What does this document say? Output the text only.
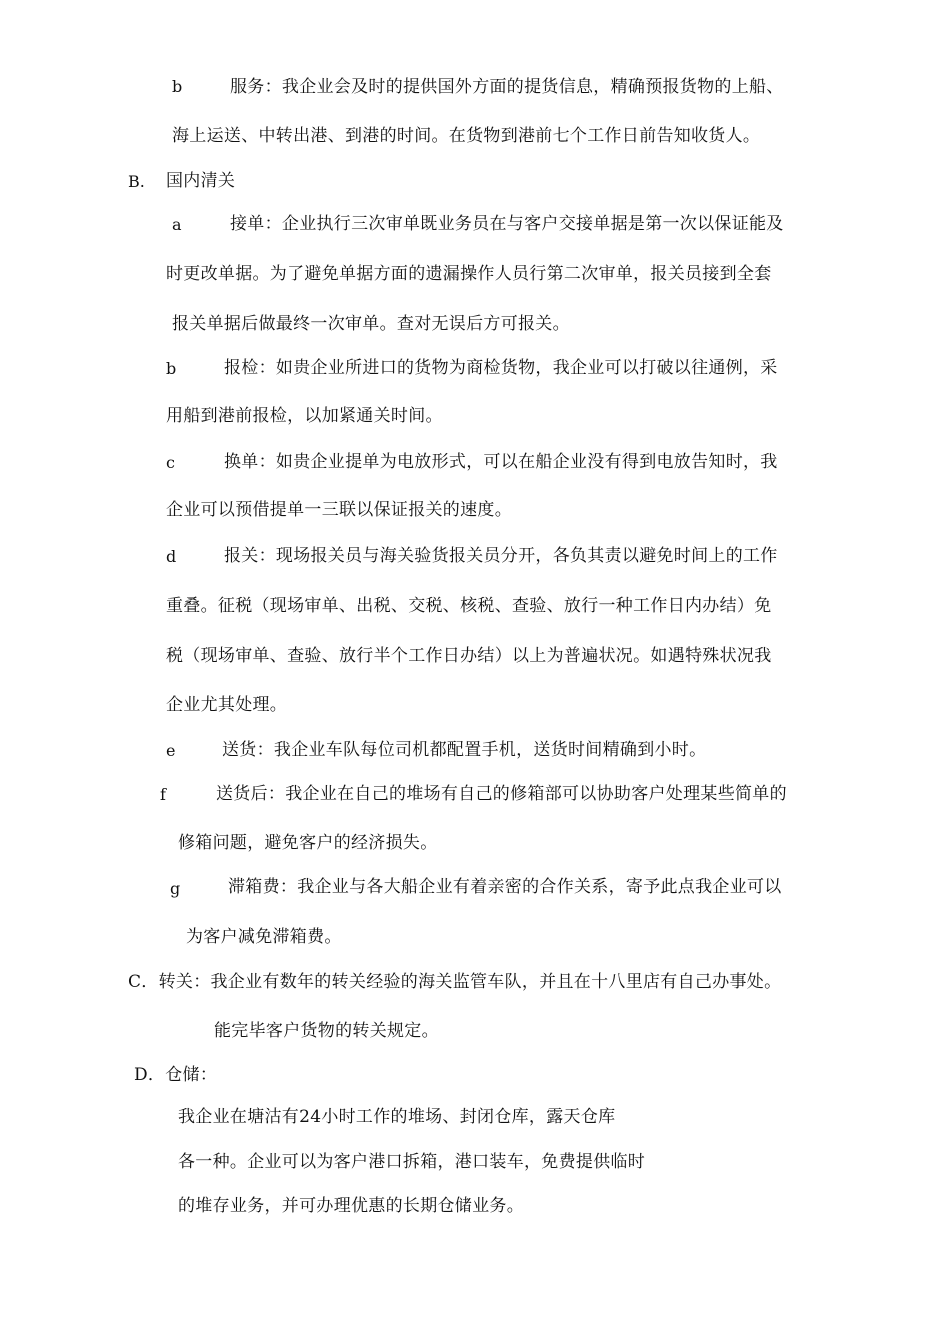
b	服务：我企业会及时的提供国外方面的提货信息，精确预报货物的上船、
海上运送、中转出港、到港的时间。在货物到港前七个工作日前告知收货人。
B. 国内清关
a	接单：企业执行三次审单既业务员在与客户交接单据是第一次以保证能及
时更改单据。为了避免单据方面的遗漏操作人员行第二次审单，报关员接到全套
报关单据后做最终一次审单。查对无误后方可报关。
b	报检：如贵企业所进口的货物为商检货物，我企业可以打破以往通例，采
用船到港前报检，以加紧通关时间。
c	换单：如贵企业提单为电放形式，可以在船企业没有得到电放告知时，我
企业可以预借提单一三联以保证报关的速度。
d	报关：现场报关员与海关验货报关员分开，各负其责以避免时间上的工作
重叠。征税（现场审单、出税、交税、核税、查验、放行一种工作日内办结）免
税（现场审单、查验、放行半个工作日办结）以上为普遍状况。如遇特殊状况我
企业尤其处理。
e	送货：我企业车队每位司机都配置手机，送货时间精确到小时。
f	送货后：我企业在自己的堆场有自己的修箱部可以协助客户处理某些简单的
修箱问题，避免客户的经济损失。
g	滞箱费：我企业与各大船企业有着亲密的合作关系，寄予此点我企业可以
为客户减免滞箱费。
C．转关：我企业有数年的转关经验的海关监管车队，并且在十八里店有自己办事处。
能完毕客户货物的转关规定。
D．仓储：
我企业在塘沽有24小时工作的堆场、封闭仓库，露天仓库
各一种。企业可以为客户港口拆箱，港口装车，免费提供临时
的堆存业务，并可办理优惠的长期仓储业务。
